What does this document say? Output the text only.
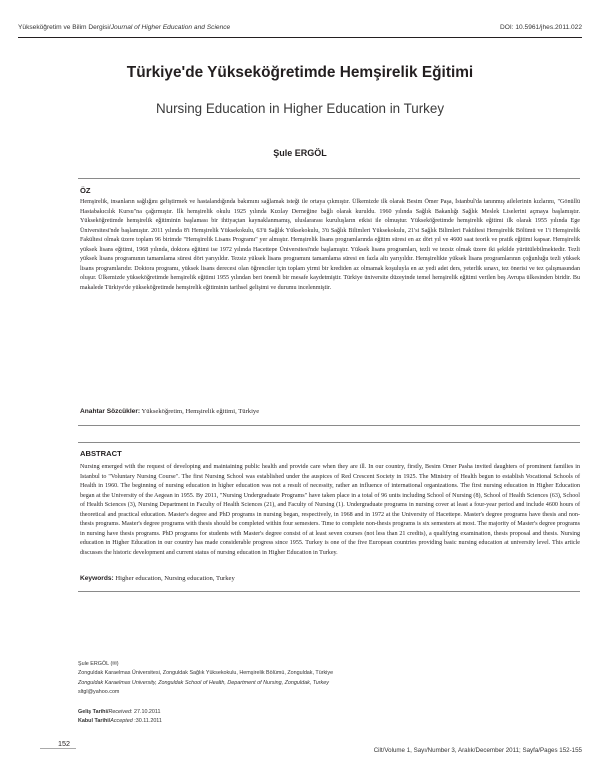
Yükseköğretim ve Bilim Dergisi/Journal of Higher Education and Science	DOI: 10.5961/jhes.2011.022
Türkiye'de Yükseköğretimde Hemşirelik Eğitimi
Nursing Education in Higher Education in Turkey
Şule ERGÖL
ÖZ
Hemşirelik, insanların sağlığını geliştirmek ve hastalandığında bakımını sağlamak isteği ile ortaya çıkmıştır. Ülkemizde ilk olarak Besim Ömer Paşa, İstanbul'da tanınmış ailelerinin kızlarını, "Gönüllü Hastabakıcılık Kursu"na çağırmıştır. İlk hemşirelik okulu 1925 yılında Kızılay Derneğine bağlı olarak kuruldu. 1960 yılında Sağlık Bakanlığı Sağlık Meslek Liselerini açmaya başlamıştır. Yükseköğretimde hemşirelik eğitiminin başlaması bir ihtiyaçtan kaynaklanmamış, uluslararası kuruluşların etkisi ile olmuştur. Yükseköğretimde hemşirelik eğitimi ilk olarak 1955 yılında Ege Üniversitesi'nde başlamıştır. 2011 yılında 8'i Hemşirelik Yüksekokulu, 63'ü Sağlık Yüksekokulu, 3'ü Sağlık Bilimleri Yüksekokulu, 21'si Sağlık Bilimleri Fakültesi Hemşirelik Bölümü ve 1'i Hemşirelik Fakültesi olmak üzere toplam 96 birimde "Hemşirelik Lisans Programı" yer almıştır. Hemşirelik lisans programlarında eğitim süresi en az dört yıl ve 4600 saat teorik ve pratik eğitimi kapsar. Hemşirelik yüksek lisans eğitimi, 1968 yılında, doktora eğitimi ise 1972 yılında Hacettepe Üniversitesi'nde başlamıştır. Yüksek lisans programları, tezli ve tezsiz olmak üzere iki şekilde yürütülebilmektedir. Tezli yüksek lisans programının tamamlama süresi dört yarıyıldır. Tezsiz yüksek lisans programını tamamlama süresi en fazla altı yarıyıldır. Hemşirelikte yüksek lisans programlarının çoğunluğu tezli yüksek lisans programlarıdır. Doktora programı, yüksek lisans derecesi olan öğrenciler için toplam yirmi bir krediden az olmamak koşuluyla en az yedi adet ders, yeterlik sınavı, tez önerisi ve tez çalışmasından oluşur. Ülkemizde yükseköğretimde hemşirelik eğitimi 1955 yılından beri önemli bir mesafe kaydetmiştir. Türkiye üniversite düzeyinde temel hemşirelik eğitimi verilen beş Avrupa ülkesinden biridir. Bu makalede Türkiye'de yükseköğretimde hemşirelik eğitiminin tarihsel gelişimi ve durumu incelenmiştir.
Anahtar Sözcükler: Yükseköğretim, Hemşirelik eğitimi, Türkiye
ABSTRACT
Nursing emerged with the request of developing and maintaining public health and provide care when they are ill. In our country, firstly, Besim Omer Pasha invited daughters of prominent families in Istanbul to "Voluntary Nursing Course". The first Nursing School was established under the auspices of Red Crescent Society in 1925. The Ministry of Health begun to establish Vocational Schools of Health in 1960. The beginning of nursing education in higher education was not a result of necessity, rather an influence of international organizations. The first nursing education in Higher Education began at the University of the Aegean in 1955. By 2011, "Nursing Undergraduate Programs" have taken place in a total of 96 units including School of Nursing (8), School of Health Sciences (63), School of Health Sciences (3), Nursing Department in Faculty of Health Sciences (21), and Faculty of Nursing (1). Undergraduate programs in nursing cover at least a four-year period and include 4600 hours of theoretical and practical education. Master's degree and PhD programs in nursing began, respectively, in 1968 and in 1972 at the University of Hacettepe. Master's degree programs have thesis and non-thesis programs. Master's degree programs with thesis should be completed within four semesters. Time to complete non-thesis programs is six semesters at most. The majority of Master's degree programs in nursing have thesis programs. PhD programs for students with Master's degree consist of at least seven courses (not less than 21 credits), a qualifying examination, thesis proposal and thesis. Nursing education in Higher Education in our country has made considerable progress since 1955. Turkey is one of the five European countries providing basic nursing education at university level. This article discusses the historic development and current status of nursing education in Higher Education in Turkey.
Keywords: Higher education, Nursing education, Turkey
Şule ERGÖL (✉)
Zonguldak Karaelmas Üniversitesi, Zonguldak Sağlık Yüksekokulu, Hemşirelik Bölümü, Zonguldak, Türkiye
Zonguldak Karaelmas University, Zonguldak School of Health, Department of Nursing, Zonguldak, Turkey
sltgl@yahoo.com
Geliş Tarihi/Received: 27.10.2011
Kabul Tarihi/Accepted :30.11.2011
152
Cilt/Volume 1, Sayı/Number 3, Aralık/December 2011; Sayfa/Pages 152-155
